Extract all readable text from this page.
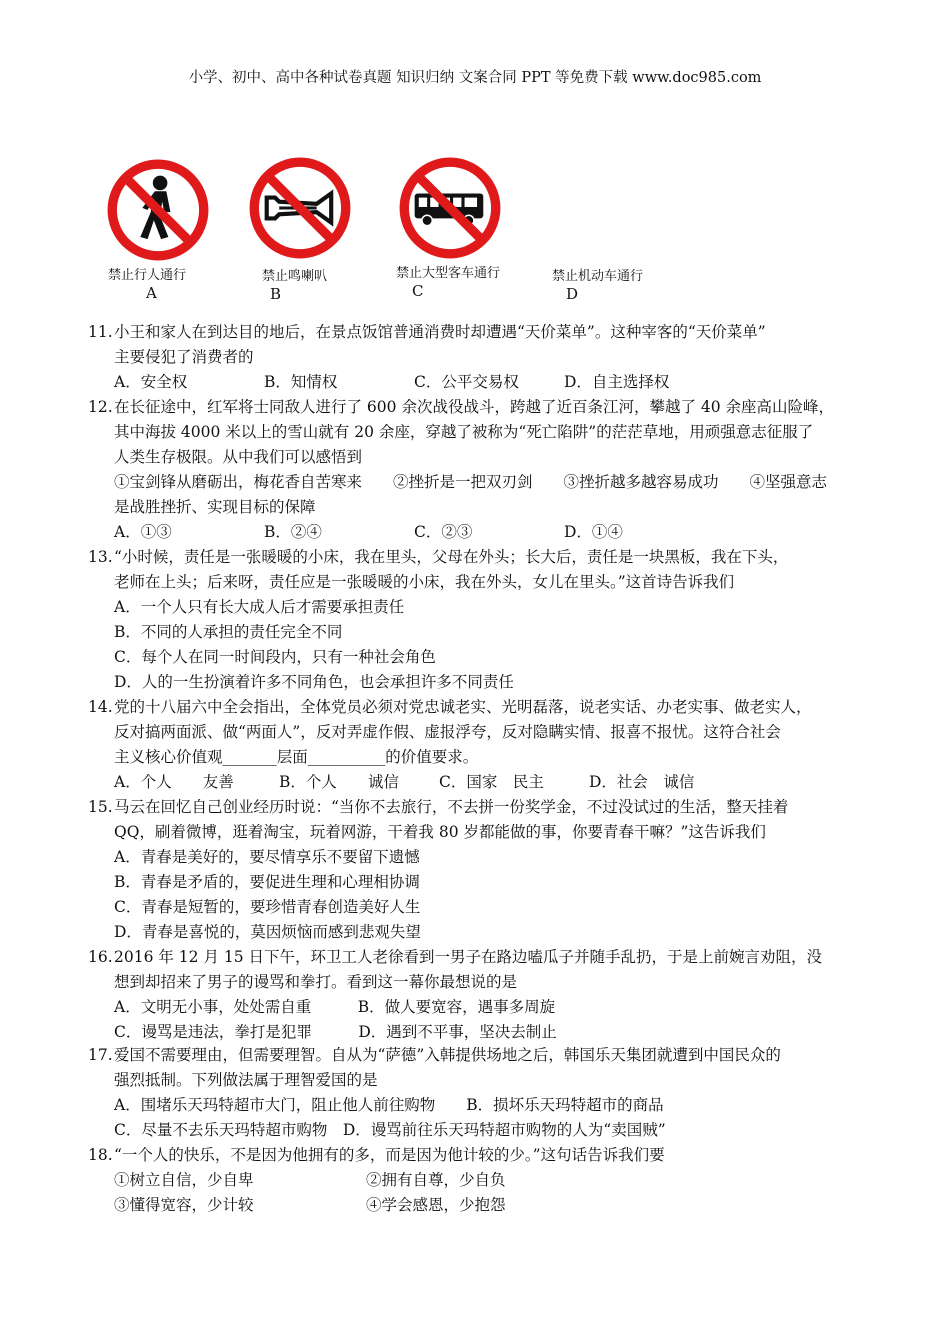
小学、初中、高中各种试卷真题 知识归纳 文案合同 PPT 等免费下载 www.doc985.com
禁止行人通行
A
禁止鸣喇叭
B
禁止大型客车通行
C
禁止机动车通行
D
11.小王和家人在到达目的地后，在景点饭馆普通消费时却遭遇“天价菜单”。这种宰客的“天价菜单”
主要侵犯了消费者的
A．安全权	B．知情权	C．公平交易权	D．自主选择权
12.在长征途中，红军将士同敌人进行了 600 余次战役战斗，跨越了近百条江河，攀越了 40 余座高山险峰，
其中海拔 4000 米以上的雪山就有 20 余座，穿越了被称为“死亡陷阱”的茫茫草地，用顽强意志征服了
人类生存极限。从中我们可以感悟到
①宝剑锋从磨砺出，梅花香自苦寒来　　②挫折是一把双刃剑　　③挫折越多越容易成功　　④坚强意志
是战胜挫折、实现目标的保障
A．①③	B．②④	C．②③	D．①④
13.“小时候，责任是一张暖暖的小床，我在里头，父母在外头；长大后，责任是一块黑板，我在下头，
老师在上头；后来呀，责任应是一张暖暖的小床，我在外头，女儿在里头。”这首诗告诉我们
A．一个人只有长大成人后才需要承担责任
B．不同的人承担的责任完全不同
C．每个人在同一时间段内，只有一种社会角色
D．人的一生扮演着许多不同角色，也会承担许多不同责任
14.党的十八届六中全会指出，全体党员必须对党忠诚老实、光明磊落，说老实话、办老实事、做老实人，
反对搞两面派、做“两面人”，反对弄虚作假、虚报浮夸，反对隐瞒实情、报喜不报忧。这符合社会
主义核心价值观_______层面__________的价值要求。
A．个人　　友善	B．个人　　诚信	C．国家　民主	D．社会　诚信
15.马云在回忆自己创业经历时说：“当你不去旅行，不去拼一份奖学金，不过没试过的生活，整天挂着
QQ，刷着微博，逛着淘宝，玩着网游，干着我 80 岁都能做的事，你要青春干嘛？”这告诉我们
A．青春是美好的，要尽情享乐不要留下遗憾
B．青春是矛盾的，要促进生理和心理相协调
C．青春是短暂的，要珍惜青春创造美好人生
D．青春是喜悦的，莫因烦恼而感到悲观失望
16.2016 年 12 月 15 日下午，环卫工人老徐看到一男子在路边嗑瓜子并随手乱扔，于是上前婉言劝阻，没
想到却招来了男子的谩骂和拳打。看到这一幕你最想说的是
A．文明无小事，处处需自重　　　B．做人要宽容，遇事多周旋
C．谩骂是违法，拳打是犯罪　　　D．遇到不平事，坚决去制止
17.爱国不需要理由，但需要理智。自从为“萨德”入韩提供场地之后，韩国乐天集团就遭到中国民众的
强烈抵制。下列做法属于理智爱国的是
A．围堵乐天玛特超市大门，阻止他人前往购物　　B．损坏乐天玛特超市的商品
C．尽量不去乐天玛特超市购物　D．谩骂前往乐天玛特超市购物的人为“卖国贼”
18.“一个人的快乐，不是因为他拥有的多，而是因为他计较的少。”这句话告诉我们要
①树立自信，少自卑	②拥有自尊，少自负
③懂得宽容，少计较	④学会感恩，少抱怨
